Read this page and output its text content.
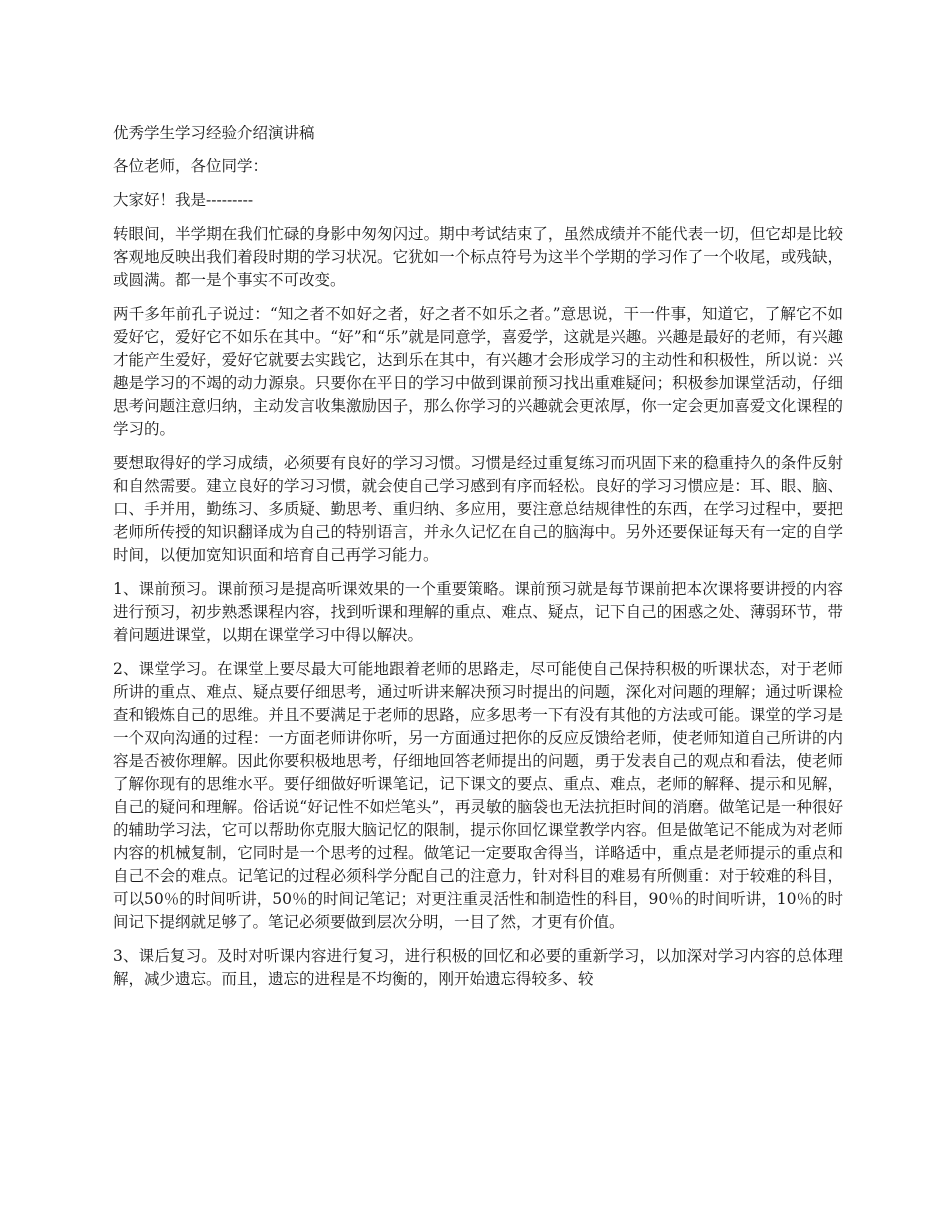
优秀学生学习经验介绍演讲稿

各位老师，各位同学：

大家好！我是---------

转眼间，半学期在我们忙碌的身影中匆匆闪过。期中考试结束了，虽然成绩并不能代表一切，但它却是比较客观地反映出我们着段时期的学习状况。它犹如一个标点符号为这半个学期的学习作了一个收尾，或残缺，或圆满。都一是个事实不可改变。

两千多年前孔子说过：“知之者不如好之者，好之者不如乐之者。”意思说，干一件事，知道它，了解它不如爱好它，爱好它不如乐在其中。“好”和“乐”就是同意学，喜爱学，这就是兴趣。兴趣是最好的老师，有兴趣才能产生爱好，爱好它就要去实践它，达到乐在其中，有兴趣才会形成学习的主动性和积极性，所以说：兴趣是学习的不竭的动力源泉。只要你在平日的学习中做到课前预习找出重难疑问；积极参加课堂活动，仔细思考问题注意归纳，主动发言收集激励因子，那么你学习的兴趣就会更浓厚，你一定会更加喜爱文化课程的学习的。

要想取得好的学习成绩，必须要有良好的学习习惯。习惯是经过重复练习而巩固下来的稳重持久的条件反射和自然需要。建立良好的学习习惯，就会使自己学习感到有序而轻松。良好的学习习惯应是：耳、眼、脑、口、手并用，勤练习、多质疑、勤思考、重归纳、多应用，要注意总结规律性的东西，在学习过程中，要把老师所传授的知识翻译成为自己的特别语言，并永久记忆在自己的脑海中。另外还要保证每天有一定的自学时间，以便加宽知识面和培育自己再学习能力。

1、课前预习。课前预习是提高听课效果的一个重要策略。课前预习就是每节课前把本次课将要讲授的内容进行预习，初步熟悉课程内容，找到听课和理解的重点、难点、疑点，记下自己的困惑之处、薄弱环节，带着问题进课堂，以期在课堂学习中得以解决。

2、课堂学习。在课堂上要尽最大可能地跟着老师的思路走，尽可能使自己保持积极的听课状态，对于老师所讲的重点、难点、疑点要仔细思考，通过听讲来解决预习时提出的问题，深化对问题的理解；通过听课检查和锻炼自己的思维。并且不要满足于老师的思路，应多思考一下有没有其他的方法或可能。课堂的学习是一个双向沟通的过程：一方面老师讲你听，另一方面通过把你的反应反馈给老师，使老师知道自己所讲的内容是否被你理解。因此你要积极地思考，仔细地回答老师提出的问题，勇于发表自己的观点和看法，使老师了解你现有的思维水平。要仔细做好听课笔记，记下课文的要点、重点、难点，老师的解释、提示和见解，自己的疑问和理解。俗话说“好记性不如烂笔头”，再灵敏的脑袋也无法抗拒时间的消磨。做笔记是一种很好的辅助学习法，它可以帮助你克服大脑记忆的限制，提示你回忆课堂教学内容。但是做笔记不能成为对老师内容的机械复制，它同时是一个思考的过程。做笔记一定要取舍得当，详略适中，重点是老师提示的重点和自己不会的难点。记笔记的过程必须科学分配自己的注意力，针对科目的难易有所侧重：对于较难的科目，可以50％的时间听讲，50％的时间记笔记；对更注重灵活性和制造性的科目，90％的时间听讲，10％的时间记下提纲就足够了。笔记必须要做到层次分明，一目了然，才更有价值。

3、课后复习。及时对听课内容进行复习，进行积极的回忆和必要的重新学习，以加深对学习内容的总体理解，减少遗忘。而且，遗忘的进程是不均衡的，刚开始遗忘得较多、较
